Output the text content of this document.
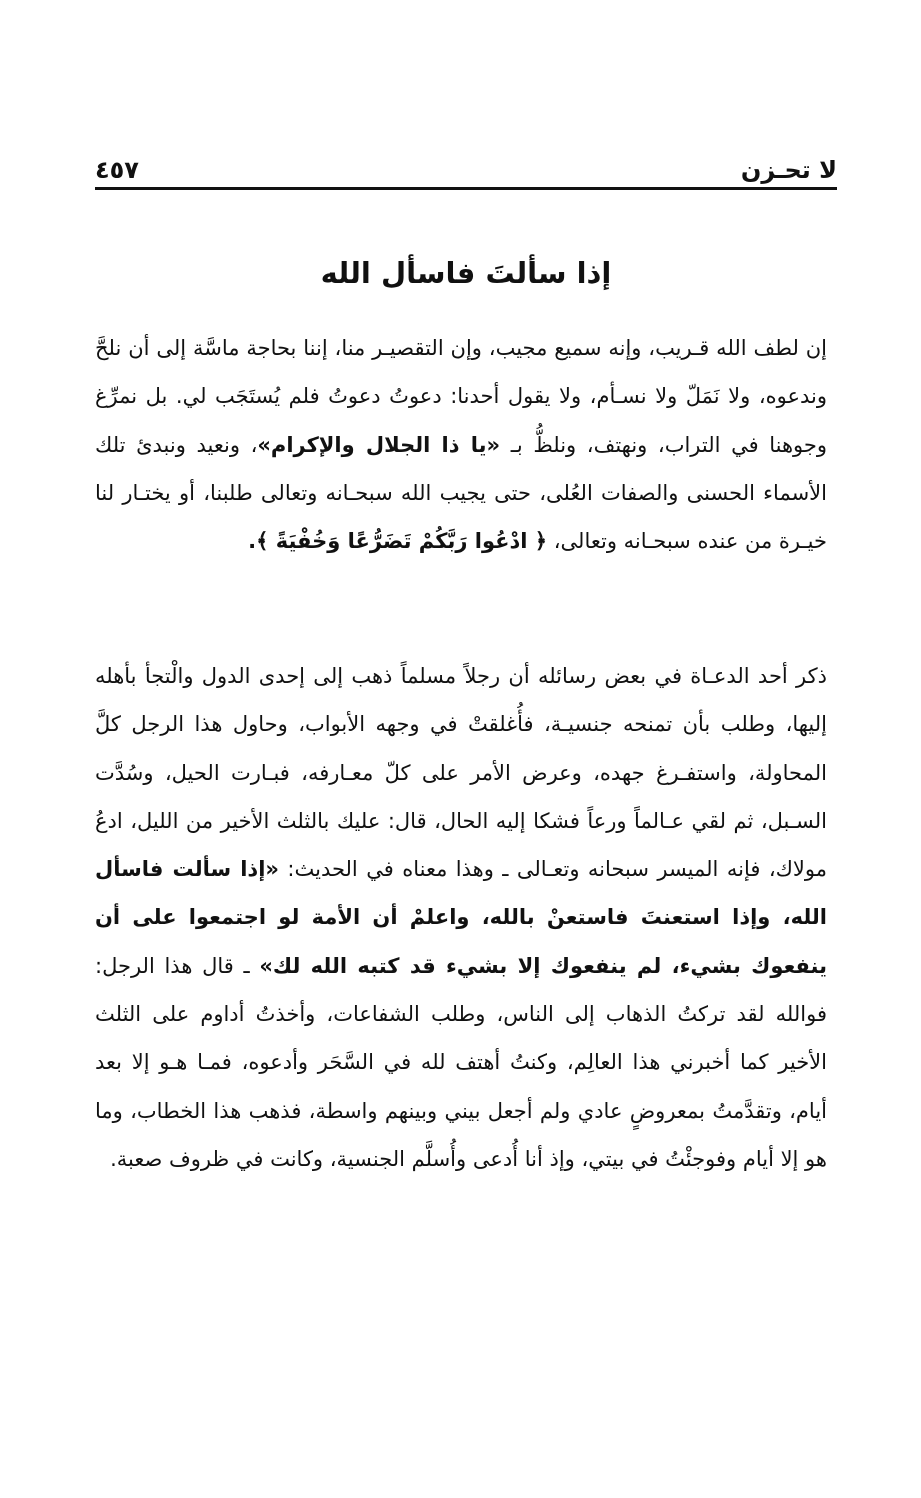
لا تحـزن
٤٥٧
إذا سألتَ فاسأل الله
إن لطف الله قـريب، وإنه سميع مجيب، وإن التقصيـر منا، إننا بحاجة ماسَّة إلى أن نلحَّ وندعوه، ولا نَمَلّ ولا نسـأم، ولا يقول أحدنا: دعوتُ دعوتُ فلم يُستَجَب لي. بل نمرِّغ وجوهنا في التراب، ونهتف، ونلظُّ بـ «يا ذا الجلال والإكرام»، ونعيد ونبدئ تلك الأسماء الحسنى والصفات العُلى، حتى يجيب الله سبحـانه وتعالى طلبنا، أو يختـار لنا خيـرة من عنده سبحـانه وتعالى، ﴿ ادْعُوا رَبَّكُمْ تَضَرُّعًا وَخُفْيَةً ﴾.
ذكر أحد الدعـاة في بعض رسائله أن رجلاً مسلماً ذهب إلى إحدى الدول والْتجأ بأهله إليها، وطلب بأن تمنحه جنسيـة، فأُغلقتْ في وجهه الأبواب، وحاول هذا الرجل كلَّ المحاولة، واستفـرغ جهده، وعرض الأمر على كلّ معـارفه، فبـارت الحيل، وسُدَّت السـبل، ثم لقي عـالماً ورعاً فشكا إليه الحال، قال: عليك بالثلث الأخير من الليل، ادعُ مولاك، فإنه الميسر سبحانه وتعـالى ـ وهذا معناه في الحديث: «إذا سألت فاسأل الله، وإذا استعنتَ فاستعنْ بالله، واعلمْ أن الأمة لو اجتمعوا على أن ينفعوك بشيء، لم ينفعوك إلا بشيء قد كتبه الله لك» ـ قال هذا الرجل: فوالله لقد تركتُ الذهاب إلى الناس، وطلب الشفاعات، وأخذتُ أداوم على الثلث الأخير كما أخبرني هذا العالِم، وكنتُ أهتف لله في السَّحَر وأدعوه، فمـا هـو إلا بعد أيام، وتقدَّمتُ بمعروضٍ عادي ولم أجعل بيني وبينهم واسطة، فذهب هذا الخطاب، وما هو إلا أيام وفوجئْتُ في بيتي، وإذ أنا أُدعى وأُسلَّم الجنسية، وكانت في ظروف صعبة.
